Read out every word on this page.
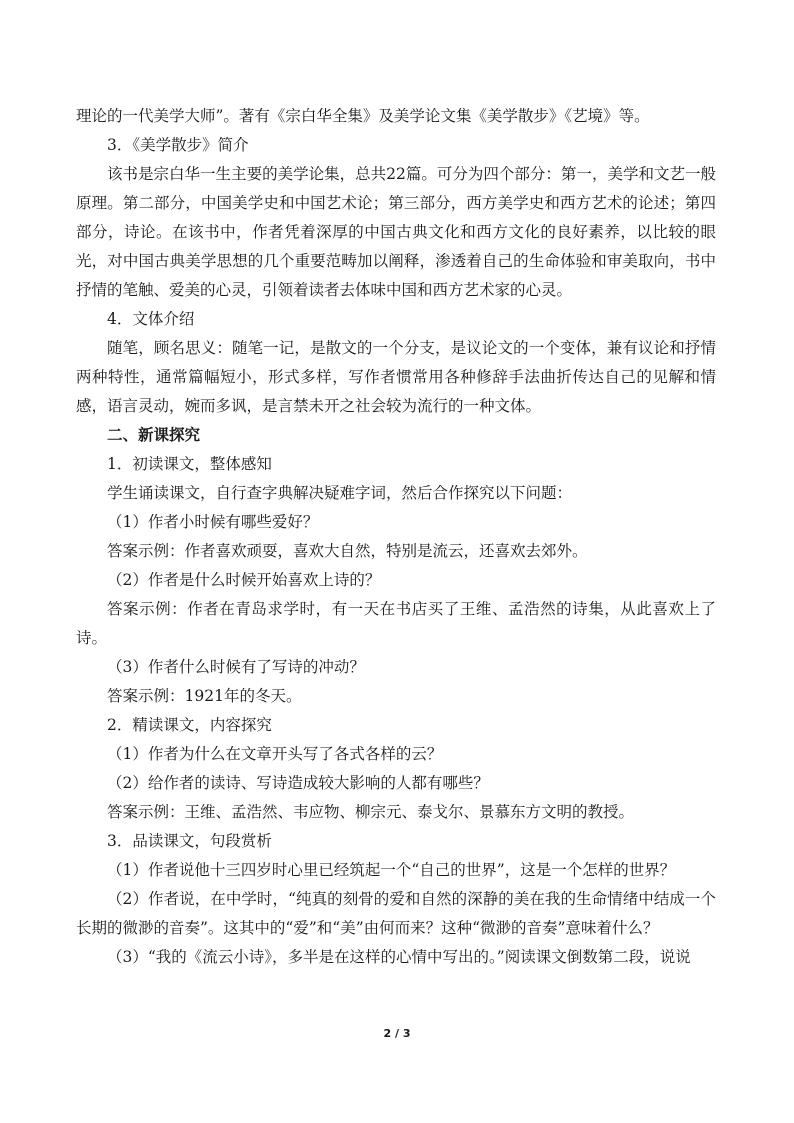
理论的一代美学大师”。著有《宗白华全集》及美学论文集《美学散步》《艺境》等。
3．《美学散步》简介
该书是宗白华一生主要的美学论集，总共22篇。可分为四个部分：第一，美学和文艺一般原理。第二部分，中国美学史和中国艺术论；第三部分，西方美学史和西方艺术的论述；第四部分，诗论。在该书中，作者凭着深厚的中国古典文化和西方文化的良好素养，以比较的眼光，对中国古典美学思想的几个重要范畴加以阐释，渗透着自己的生命体验和审美取向，书中抒情的笔触、爱美的心灵，引领着读者去体味中国和西方艺术家的心灵。
4．文体介绍
随笔，顾名思义：随笔一记，是散文的一个分支，是议论文的一个变体，兼有议论和抒情两种特性，通常篇幅短小，形式多样，写作者惯常用各种修辞手法曲折传达自己的见解和情感，语言灵动，婉而多讽，是言禁未开之社会较为流行的一种文体。
二、新课探究
1．初读课文，整体感知
学生诵读课文，自行查字典解决疑难字词，然后合作探究以下问题：
（1）作者小时候有哪些爱好？
答案示例：作者喜欢顽耍，喜欢大自然，特别是流云，还喜欢去郊外。
（2）作者是什么时候开始喜欢上诗的？
答案示例：作者在青岛求学时，有一天在书店买了王维、孟浩然的诗集，从此喜欢上了诗。
（3）作者什么时候有了写诗的冲动？
答案示例：1921年的冬天。
2．精读课文，内容探究
（1）作者为什么在文章开头写了各式各样的云？
（2）给作者的读诗、写诗造成较大影响的人都有哪些？
答案示例：王维、孟浩然、韦应物、柳宗元、泰戈尔、景慕东方文明的教授。
3．品读课文，句段赏析
（1）作者说他十三四岁时心里已经筑起一个“自己的世界”，这是一个怎样的世界？
（2）作者说，在中学时，“纯真的刻骨的爱和自然的深静的美在我的生命情绪中结成一个长期的微渺的音奏”。这其中的“爱”和“美”由何而来？这种“微渺的音奏”意味着什么？
（3）“我的《流云小诗》，多半是在这样的心情中写出的。”阅读课文倒数第二段，说说
2 / 3
